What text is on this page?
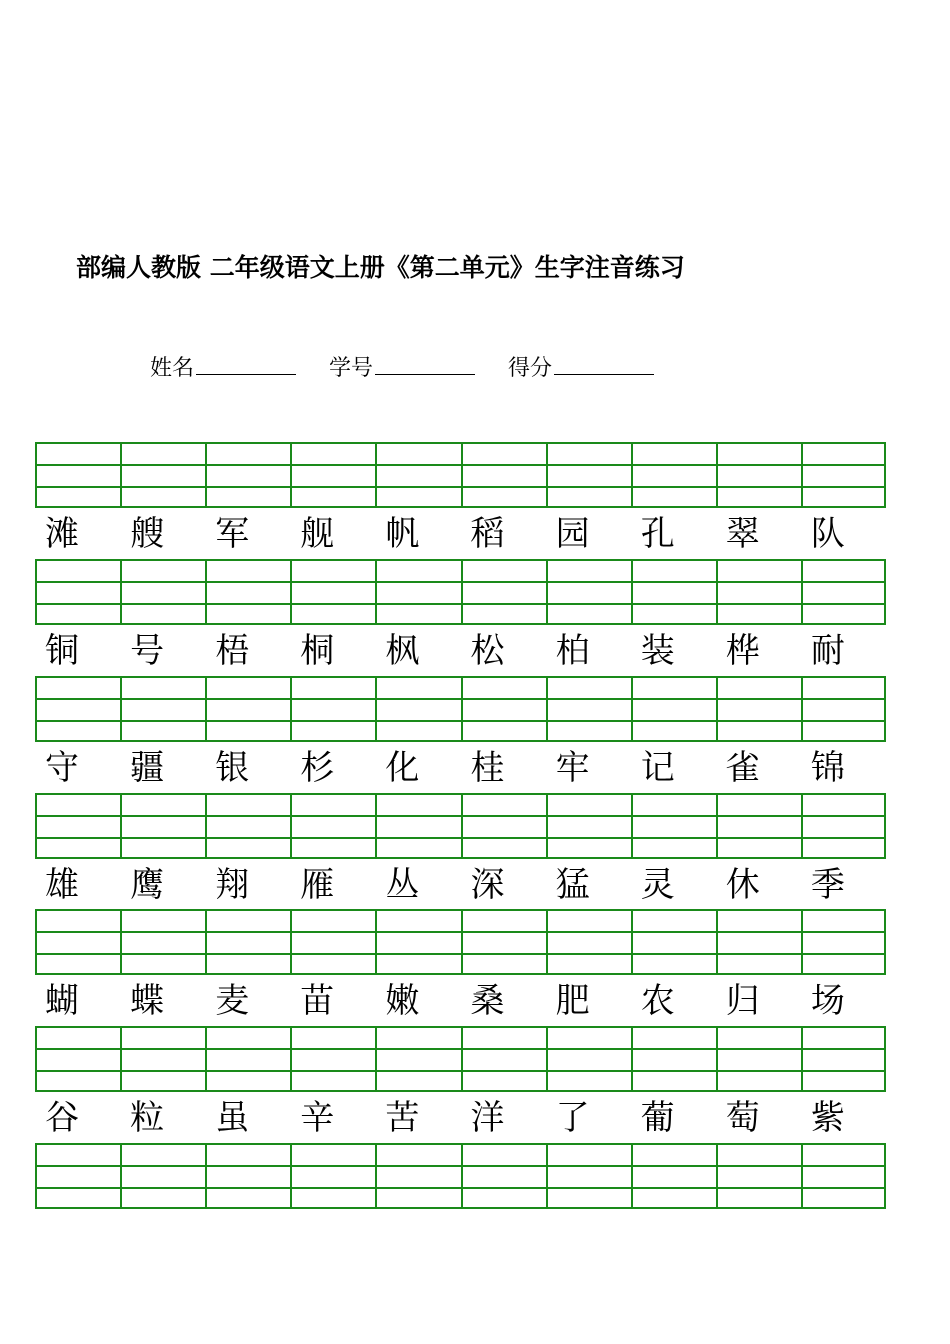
部编人教版 二年级语文上册《第二单元》生字注音练习
姓名	学号	得分
滩	艘	军	舰	帆	稻	园	孔	翠	队
铜	号	梧	桐	枫	松	柏	装	桦	耐
守	疆	银	杉	化	桂	牢	记	雀	锦
雄	鹰	翔	雁	丛	深	猛	灵	休	季
蝴	蝶	麦	苗	嫩	桑	肥	农	归	场
谷	粒	虽	辛	苦	洋	了	葡	萄	紫
